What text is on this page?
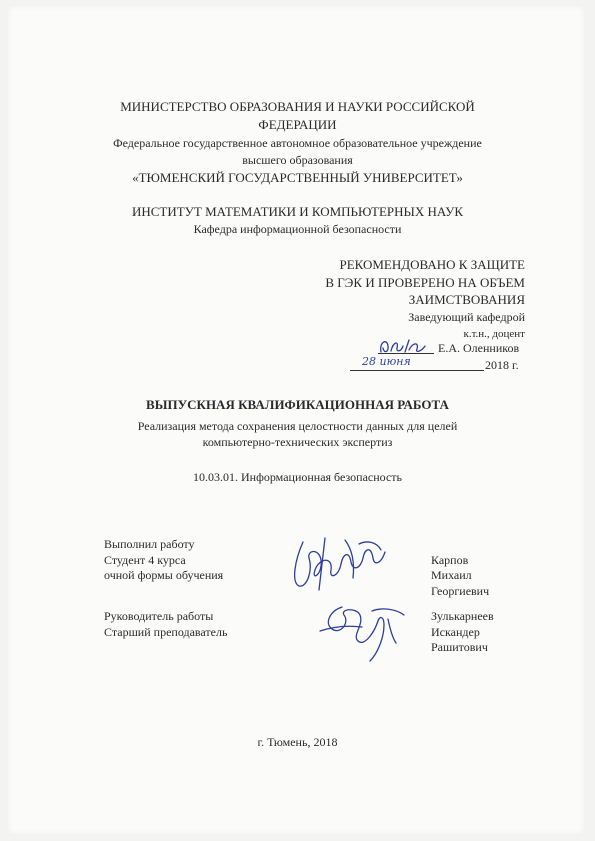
МИНИСТЕРСТВО ОБРАЗОВАНИЯ И НАУКИ РОССИЙСКОЙ
ФЕДЕРАЦИИ
Федеральное государственное автономное образовательное учреждение
высшего образования
«ТЮМЕНСКИЙ ГОСУДАРСТВЕННЫЙ УНИВЕРСИТЕТ»
ИНСТИТУТ МАТЕМАТИКИ И КОМПЬЮТЕРНЫХ НАУК
Кафедра информационной безопасности
РЕКОМЕНДОВАНО К ЗАЩИТЕ
В ГЭК И ПРОВЕРЕНО НА ОБЪЕМ
ЗАИМСТВОВАНИЯ
Заведующий кафедрой
к.т.н., доцент
Е.А. Оленников
28 июня	2018 г.
ВЫПУСКНАЯ КВАЛИФИКАЦИОННАЯ РАБОТА
Реализация метода сохранения целостности данных для целей
компьютерно-технических экспертиз
10.03.01. Информационная безопасность
Выполнил работу
Студент 4 курса
очной формы обучения
Карпов
Михаил
Георгиевич
Руководитель работы
Старший преподаватель
Зулькарнеев
Искандер
Рашитович
г. Тюмень, 2018
